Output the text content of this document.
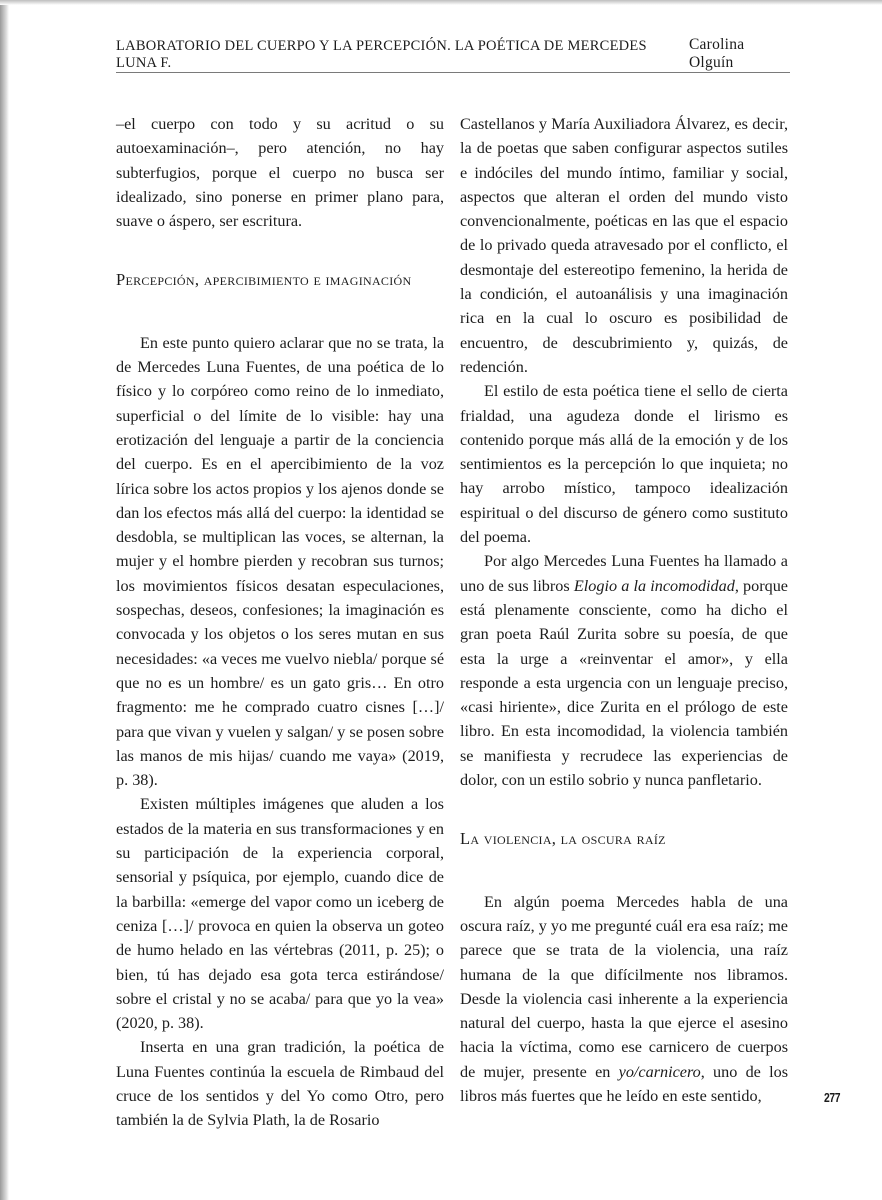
LABORATORIO DEL CUERPO Y LA PERCEPCIÓN. LA POÉTICA DE MERCEDES LUNA F.
Carolina Olguín

–el cuerpo con todo y su acritud o su autoexaminación–, pero atención, no hay subterfugios, porque el cuerpo no busca ser idealizado, sino ponerse en primer plano para, suave o áspero, ser escritura.

Percepción, apercibimiento e imaginación

En este punto quiero aclarar que no se trata, la de Mercedes Luna Fuentes, de una poética de lo físico y lo corpóreo como reino de lo inmediato, superficial o del límite de lo visible: hay una erotización del lenguaje a partir de la conciencia del cuerpo. Es en el apercibimiento de la voz lírica sobre los actos propios y los ajenos donde se dan los efectos más allá del cuerpo: la identidad se desdobla, se multiplican las voces, se alternan, la mujer y el hombre pierden y recobran sus turnos; los movimientos físicos desatan especulaciones, sospechas, deseos, confesiones; la imaginación es convocada y los objetos o los seres mutan en sus necesidades: «a veces me vuelvo niebla/ porque sé que no es un hombre/ es un gato gris… En otro fragmento: me he comprado cuatro cisnes […]/ para que vivan y vuelen y salgan/ y se posen sobre las manos de mis hijas/ cuando me vaya» (2019, p. 38).

Existen múltiples imágenes que aluden a los estados de la materia en sus transformaciones y en su participación de la experiencia corporal, sensorial y psíquica, por ejemplo, cuando dice de la barbilla: «emerge del vapor como un iceberg de ceniza […]/ provoca en quien la observa un goteo de humo helado en las vértebras (2011, p. 25); o bien, tú has dejado esa gota terca estirándose/ sobre el cristal y no se acaba/ para que yo la vea» (2020, p. 38).

Inserta en una gran tradición, la poética de Luna Fuentes continúa la escuela de Rimbaud del cruce de los sentidos y del Yo como Otro, pero también la de Sylvia Plath, la de Rosario

Castellanos y María Auxiliadora Álvarez, es decir, la de poetas que saben configurar aspectos sutiles e indóciles del mundo íntimo, familiar y social, aspectos que alteran el orden del mundo visto convencionalmente, poéticas en las que el espacio de lo privado queda atravesado por el conflicto, el desmontaje del estereotipo femenino, la herida de la condición, el autoanálisis y una imaginación rica en la cual lo oscuro es posibilidad de encuentro, de descubrimiento y, quizás, de redención.

El estilo de esta poética tiene el sello de cierta frialdad, una agudeza donde el lirismo es contenido porque más allá de la emoción y de los sentimientos es la percepción lo que inquieta; no hay arrobo místico, tampoco idealización espiritual o del discurso de género como sustituto del poema.

Por algo Mercedes Luna Fuentes ha llamado a uno de sus libros Elogio a la incomodidad, porque está plenamente consciente, como ha dicho el gran poeta Raúl Zurita sobre su poesía, de que esta la urge a «reinventar el amor», y ella responde a esta urgencia con un lenguaje preciso, «casi hiriente», dice Zurita en el prólogo de este libro. En esta incomodidad, la violencia también se manifiesta y recrudece las experiencias de dolor, con un estilo sobrio y nunca panfletario.

La violencia, la oscura raíz

En algún poema Mercedes habla de una oscura raíz, y yo me pregunté cuál era esa raíz; me parece que se trata de la violencia, una raíz humana de la que difícilmente nos libramos. Desde la violencia casi inherente a la experiencia natural del cuerpo, hasta la que ejerce el asesino hacia la víctima, como ese carnicero de cuerpos de mujer, presente en yo/carnicero, uno de los libros más fuertes que he leído en este sentido,	277
